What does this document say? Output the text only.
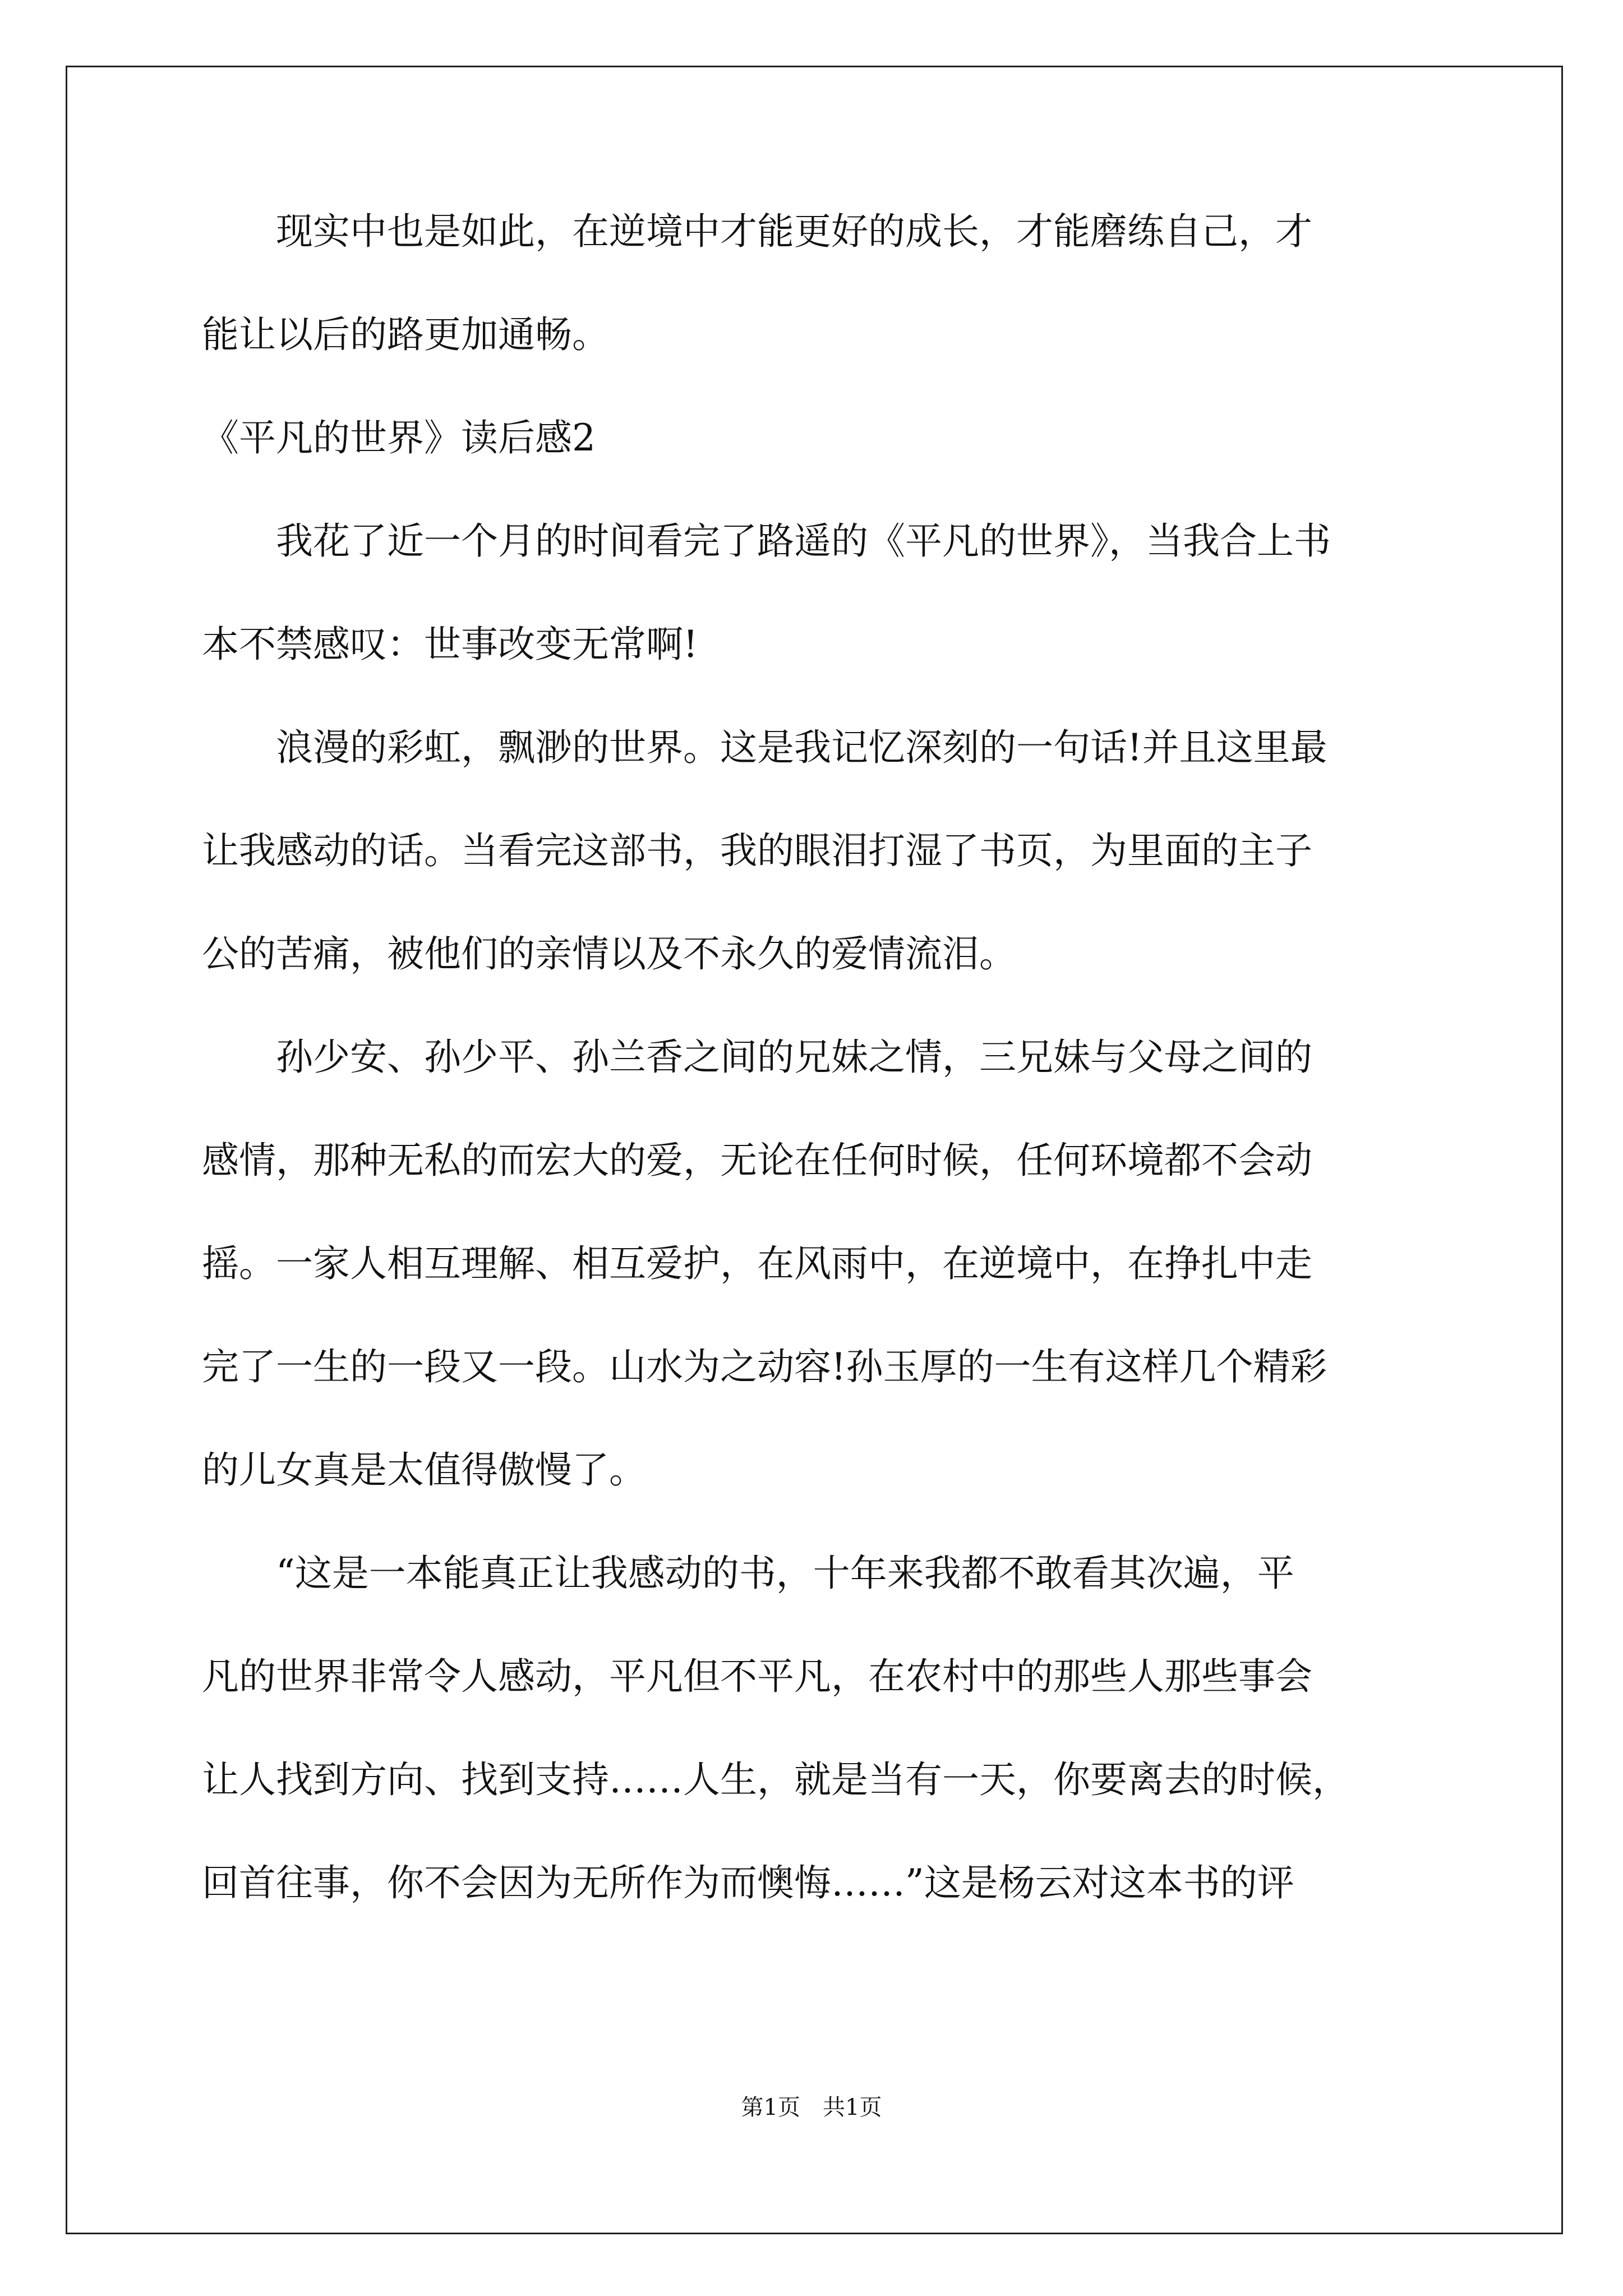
　　现实中也是如此，在逆境中才能更好的成长，才能磨练自己，才
能让以后的路更加通畅。
《平凡的世界》读后感2
　　我花了近一个月的时间看完了路遥的《平凡的世界》，当我合上书
本不禁感叹：世事改变无常啊!
　　浪漫的彩虹，飘渺的世界。这是我记忆深刻的一句话!并且这里最
让我感动的话。当看完这部书，我的眼泪打湿了书页，为里面的主子
公的苦痛，被他们的亲情以及不永久的爱情流泪。
　　孙少安、孙少平、孙兰香之间的兄妹之情，三兄妹与父母之间的
感情，那种无私的而宏大的爱，无论在任何时候，任何环境都不会动
摇。一家人相互理解、相互爱护，在风雨中，在逆境中，在挣扎中走
完了一生的一段又一段。山水为之动容!孙玉厚的一生有这样几个精彩
的儿女真是太值得傲慢了。
　　“这是一本能真正让我感动的书，十年来我都不敢看其次遍，平
凡的世界非常令人感动，平凡但不平凡，在农村中的那些人那些事会
让人找到方向、找到支持……人生，就是当有一天，你要离去的时候，
回首往事，你不会因为无所作为而懊悔……”这是杨云对这本书的评
第1页　共1页
